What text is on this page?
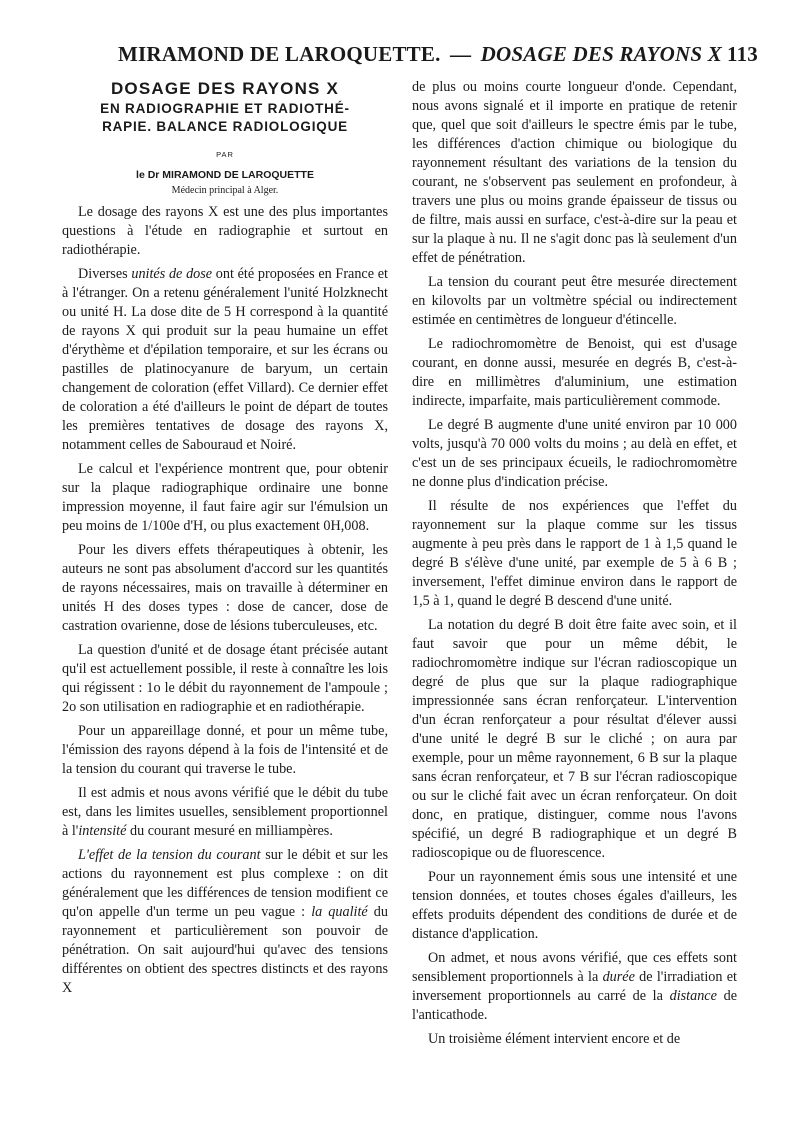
MIRAMOND DE LAROQUETTE. — DOSAGE DES RAYONS X 113
DOSAGE DES RAYONS X
EN RADIOGRAPHIE ET RADIOTHÉ-
RAPIE. BALANCE RADIOLOGIQUE
PAR
le Dr MIRAMOND DE LAROQUETTE
Médecin principal à Alger.

Le dosage des rayons X est une des plus importantes questions à l'étude en radiographie et surtout en radiothérapie.

Diverses unités de dose ont été proposées en France et à l'étranger. On a retenu généralement l'unité Holzknecht ou unité H. La dose dite de 5 H correspond à la quantité de rayons X qui produit sur la peau humaine un effet d'érythème et d'épilation temporaire, et sur les écrans ou pastilles de platinocyanure de baryum, un certain changement de coloration (effet Villard). Ce dernier effet de coloration a été d'ailleurs le point de départ de toutes les premières tentatives de dosage des rayons X, notamment celles de Sabouraud et Noiré.

Le calcul et l'expérience montrent que, pour obtenir sur la plaque radiographique ordinaire une bonne impression moyenne, il faut faire agir sur l'émulsion un peu moins de 1/100e d'H, ou plus exactement 0H,008.

Pour les divers effets thérapeutiques à obtenir, les auteurs ne sont pas absolument d'accord sur les quantités de rayons nécessaires, mais on travaille à déterminer en unités H des doses types : dose de cancer, dose de castration ovarienne, dose de lésions tuberculeuses, etc.

La question d'unité et de dosage étant précisée autant qu'il est actuellement possible, il reste à connaître les lois qui régissent : 1o le débit du rayonnement de l'ampoule ; 2o son utilisation en radiographie et en radiothérapie.

Pour un appareillage donné, et pour un même tube, l'émission des rayons dépend à la fois de l'intensité et de la tension du courant qui traverse le tube.

Il est admis et nous avons vérifié que le débit du tube est, dans les limites usuelles, sensiblement proportionnel à l'intensité du courant mesuré en milliampères.

L'effet de la tension du courant sur le débit et sur les actions du rayonnement est plus complexe : on dit généralement que les différences de tension modifient ce qu'on appelle d'un terme un peu vague : la qualité du rayonnement et particulièrement son pouvoir de pénétration. On sait aujourd'hui qu'avec des tensions différentes on obtient des spectres distincts et des rayons X

de plus ou moins courte longueur d'onde. Cependant, nous avons signalé et il importe en pratique de retenir que, quel que soit d'ailleurs le spectre émis par le tube, les différences d'action chimique ou biologique du rayonnement résultant des variations de la tension du courant, ne s'observent pas seulement en profondeur, à travers une plus ou moins grande épaisseur de tissus ou de filtre, mais aussi en surface, c'est-à-dire sur la peau et sur la plaque à nu. Il ne s'agit donc pas là seulement d'un effet de pénétration.

La tension du courant peut être mesurée directement en kilovolts par un voltmètre spécial ou indirectement estimée en centimètres de longueur d'étincelle.

Le radiochromomètre de Benoist, qui est d'usage courant, en donne aussi, mesurée en degrés B, c'est-à-dire en millimètres d'aluminium, une estimation indirecte, imparfaite, mais particulièrement commode.

Le degré B augmente d'une unité environ par 10 000 volts, jusqu'à 70 000 volts du moins ; au delà en effet, et c'est un de ses principaux écueils, le radiochromomètre ne donne plus d'indication précise.

Il résulte de nos expériences que l'effet du rayonnement sur la plaque comme sur les tissus augmente à peu près dans le rapport de 1 à 1,5 quand le degré B s'élève d'une unité, par exemple de 5 à 6 B ; inversement, l'effet diminue environ dans le rapport de 1,5 à 1, quand le degré B descend d'une unité.

La notation du degré B doit être faite avec soin, et il faut savoir que pour un même débit, le radiochromomètre indique sur l'écran radioscopique un degré de plus que sur la plaque radiographique impressionnée sans écran renforçateur. L'intervention d'un écran renforçateur a pour résultat d'élever aussi d'une unité le degré B sur le cliché ; on aura par exemple, pour un même rayonnement, 6 B sur la plaque sans écran renforçateur, et 7 B sur l'écran radioscopique ou sur le cliché fait avec un écran renforçateur. On doit donc, en pratique, distinguer, comme nous l'avons spécifié, un degré B radiographique et un degré B radioscopique ou de fluorescence.

Pour un rayonnement émis sous une intensité et une tension données, et toutes choses égales d'ailleurs, les effets produits dépendent des conditions de durée et de distance d'application.

On admet, et nous avons vérifié, que ces effets sont sensiblement proportionnels à la durée de l'irradiation et inversement proportionnels au carré de la distance de l'anticathode.

Un troisième élément intervient encore et de
